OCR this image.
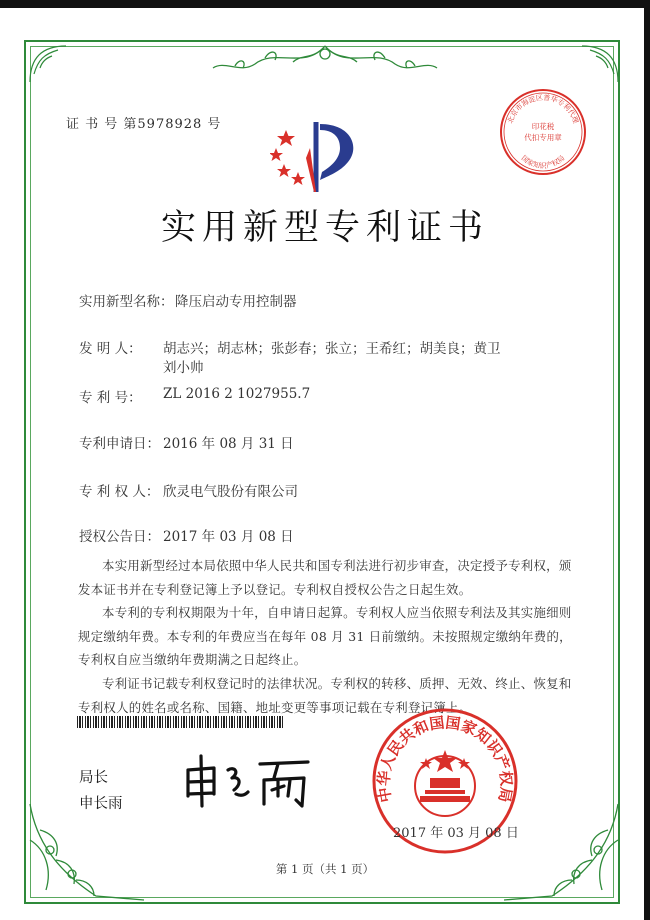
证 书 号 第5978928 号	北京市海淀区普华专利代理
印花税
代扣专用章
国家知识产权局
实用新型专利证书
实用新型名称： 降压启动专用控制器
发 明 人： 胡志兴；胡志林；张彭春；张立；王希红；胡美良；黄卫
刘小帅
专 利 号： ZL 2016 2 1027955.7
专利申请日： 2016 年 08 月 31 日
专 利 权 人： 欣灵电气股份有限公司
授权公告日： 2017 年 03 月 08 日
本实用新型经过本局依照中华人民共和国专利法进行初步审查，决定授予专利权，颁发本证书并在专利登记簿上予以登记。专利权自授权公告之日起生效。
本专利的专利权期限为十年，自申请日起算。专利权人应当依照专利法及其实施细则规定缴纳年费。本专利的年费应当在每年 08 月 31 日前缴纳。未按照规定缴纳年费的，专利权自应当缴纳年费期满之日起终止。
专利证书记载专利权登记时的法律状况。专利权的转移、质押、无效、终止、恢复和专利权人的姓名或名称、国籍、地址变更等事项记载在专利登记簿上。
中华人民共和国国家知识产权局
2017 年 03 月 08 日
局长
申长雨
第 1 页（共 1 页）
